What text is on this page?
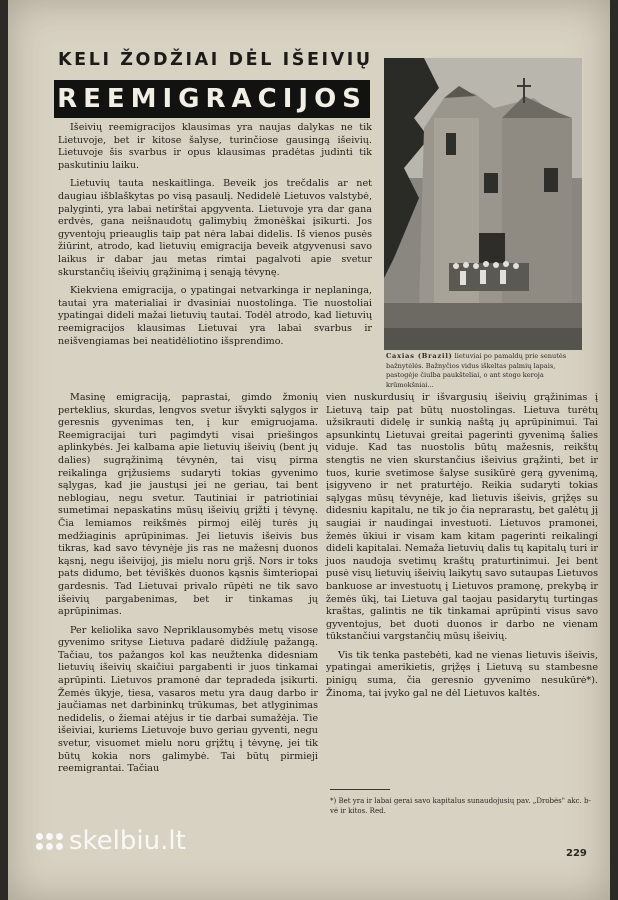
KELI ŽODŽIAI DĖL IŠEIVIŲ
REEMIGRACIJOS
Caxias (Brazil) lietuviai po pamaldų prie senutės bažnytėlės. Bažnyčios vidus iškeltas palmių lapais, pastogėje čiulba paukšteliai, o ant stogo keroja krūmokšniai...

Išeivių reemigracijos klausimas yra naujas dalykas ne tik Lietuvoje, bet ir kitose šalyse, turinčiose gausingą išeivių. Lietuvoje šis svarbus ir opus klausimas pradėtas judinti tik paskutiniu laiku.

Lietuvių tauta neskaitlinga. Beveik jos trečdalis ar net daugiau išblaškytas po visą pasaulį. Nedidelė Lietuvos valstybė, palyginti, yra labai netirštai apgyventa. Lietuvoje yra dar gana erdvės, gana neišnaudotų galimybių žmonėškai įsikurti. Jos gyventojų prieauglis taip pat nėra labai didelis. Iš vienos pusės žiūrint, atrodo, kad lietuvių emigracija beveik atgyvenusi savo laikus ir dabar jau metas rimtai pagalvoti apie svetur skurstančių išeivių grąžinimą į senąją tėvynę.

Kiekviena emigracija, o ypatingai netvarkinga ir neplaninga, tautai yra materialiai ir dvasiniai nuostolinga. Tie nuostoliai ypatingai dideli mažai lietuvių tautai. Todėl atrodo, kad lietuvių reemigracijos klausimas Lietuvai yra labai svarbus ir neišvengiamas bei neatidėliotino išsprendimo.

Masinę emigraciją, paprastai, gimdo žmonių perteklius, skurdas, lengvos svetur išvykti sąlygos ir geresnis gyvenimas ten, į kur emigruojama. Reemigracijai turi pagimdyti visai priešingos aplinkybės. Jei kalbama apie lietuvių išeivių (bent jų dalies) sugrąžinimą tėvynėn, tai visų pirma reikalinga grįžusiems sudaryti tokias gyvenimo sąlygas, kad jie jaustųsi jei ne geriau, tai bent neblogiau, negu svetur. Tautiniai ir patriotiniai sumetimai nepaskatins mūsų išeivių grįžti į tėvynę. Čia lemiamos reikšmės pirmoj eilėj turės jų medžiaginis aprūpinimas. Jei lietuvis išeivis bus tikras, kad savo tėvynėje jis ras ne mažesnį duonos kąsnį, negu išeivijoj, jis mielu noru grįš. Nors ir toks pats didumo, bet tėviškės duonos kąsnis šimteriopai gardesnis. Tad Lietuvai privalo rūpėti ne tik savo išeivių pargabenimas, bet ir tinkamas jų aprūpinimas.

Per keliolika savo Nepriklausomybės metų visose gyvenimo srityse Lietuva padarė didžiulę pažangą. Tačiau, tos pažangos kol kas neužtenka didesniam lietuvių išeivių skaičiui pargabenti ir juos tinkamai aprūpinti. Lietuvos pramonė dar tepradeda įsikurti. Žemės ūkyje, tiesa, vasaros metu yra daug darbo ir jaučiamas net darbininkų trūkumas, bet atlyginimas nedidelis, o žiemai atėjus ir tie darbai sumažėja. Tie išeiviai, kuriems Lietuvoje buvo geriau gyventi, negu svetur, visuomet mielu noru grįžtų į tėvynę, jei tik būtų kokia nors galimybė. Tai būtų pirmieji reemigrantai. Tačiau

vien nuskurdusių ir išvargusių išeivių grąžinimas į Lietuvą taip pat būtų nuostolingas. Lietuva turėtų užsikrauti didelę ir sunkią naštą jų aprūpinimui. Tai apsunkintų Lietuvai greitai pagerinti gyvenimą šalies viduje. Kad tas nuostolis būtų mažesnis, reikštų stengtis ne vien skurstančius išeivius grąžinti, bet ir tuos, kurie svetimose šalyse susikūrė gerą gyvenimą, įsigyveno ir net praturtėjo. Reikia sudaryti tokias sąlygas mūsų tėvynėje, kad lietuvis išeivis, grįžęs su didesniu kapitalu, ne tik jo čia neprarastų, bet galėtų jį saugiai ir naudingai investuoti. Lietuvos pramonei, žemės ūkiui ir visam kam kitam pagerinti reikalingi dideli kapitalai. Nemaža lietuvių dalis tų kapitalų turi ir juos naudoja svetimų kraštų praturtinimui. Jei bent pusė visų lietuvių išeivių laikytų savo sutaupas Lietuvos bankuose ar investuotų į Lietuvos pramonę, prekybą ir žemės ūkį, tai Lietuva gal taojau pasidarytų turtingas kraštas, galintis ne tik tinkamai aprūpinti visus savo gyventojus, bet duoti duonos ir darbo ne vienam tūkstančiui vargstančių mūsų išeivių.

Vis tik tenka pastebėti, kad ne vienas lietuvis išeivis, ypatingai amerikietis, grįžęs į Lietuvą su stambesne pinigų suma, čia geresnio gyvenimo nesukūrė*). Žinoma, tai įvyko gal ne dėl Lietuvos kaltės.

*) Bet yra ir labai gerai savo kapitalus sunaudojusių pav. „Drobės" akc. b-vė ir kitos. Red.
229
skelbiu.lt
